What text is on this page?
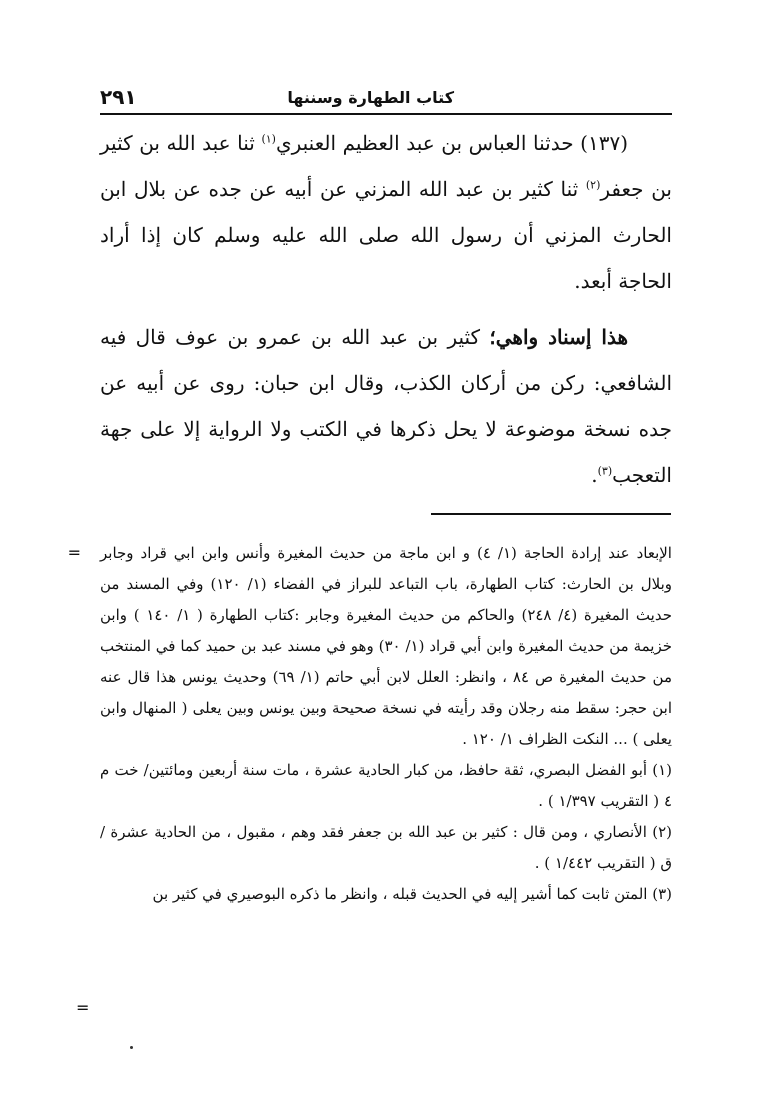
كتاب الطهارة وسننها
٢٩١

(١٣٧) حدثنا العباس بن عبد العظيم العنبري$^{(١)}$ ثنا عبد الله بن كثير بن جعفر$^{(٢)}$ ثنا كثير بن عبد الله المزني عن أبيه عن جده عن بلال ابن الحارث المزني أن رسول الله صلى الله عليه وسلم كان إذا أراد الحاجة أبعد.

هذا إسناد واهي؛ كثير بن عبد الله بن عمرو بن عوف قال فيه الشافعي: ركن من أركان الكذب، وقال ابن حبان: روى عن أبيه عن جده نسخة موضوعة لا يحل ذكرها في الكتب ولا الرواية إلا على جهة التعجب$^{(٣)}$.

= الإبعاد عند إرادة الحاجة (١/ ٤) و ابن ماجة من حديث المغيرة وأنس وابن ابي قراد وجابر وبلال بن الحارث: كتاب الطهارة، باب التباعد للبراز في الفضاء (١/ ١٢٠) وفي المسند من حديث المغيرة (٤/ ٢٤٨) والحاكم من حديث المغيرة وجابر :كتاب الطهارة ( ١/ ١٤٠ ) وابن خزيمة من حديث المغيرة وابن أبي قراد (١/ ٣٠) وهو في مسند عبد بن حميد كما في المنتخب من حديث المغيرة ص ٨٤ ، وانظر: العلل لابن أبي حاتم (١/ ٦٩) وحديث يونس هذا قال عنه ابن حجر: سقط منه رجلان وقد رأيته في نسخة صحيحة وبين يونس وبين يعلى ( المنهال وابن يعلى ) ... النكت الظراف ١/ ١٢٠ .

(١) أبو الفضل البصري، ثقة حافظ، من كبار الحادية عشرة ، مات سنة أربعين ومائتين/ خت م ٤ ( التقريب ١/٣٩٧ ) .

(٢) الأنصاري ، ومن قال : كثير بن عبد الله بن جعفر فقد وهم ، مقبول ، من الحادية عشرة / ق ( التقريب ١/٤٤٢ ) .

(٣) المتن ثابت كما أشير إليه في الحديث قبله ، وانظر ما ذكره البوصيري في كثير بن

=
